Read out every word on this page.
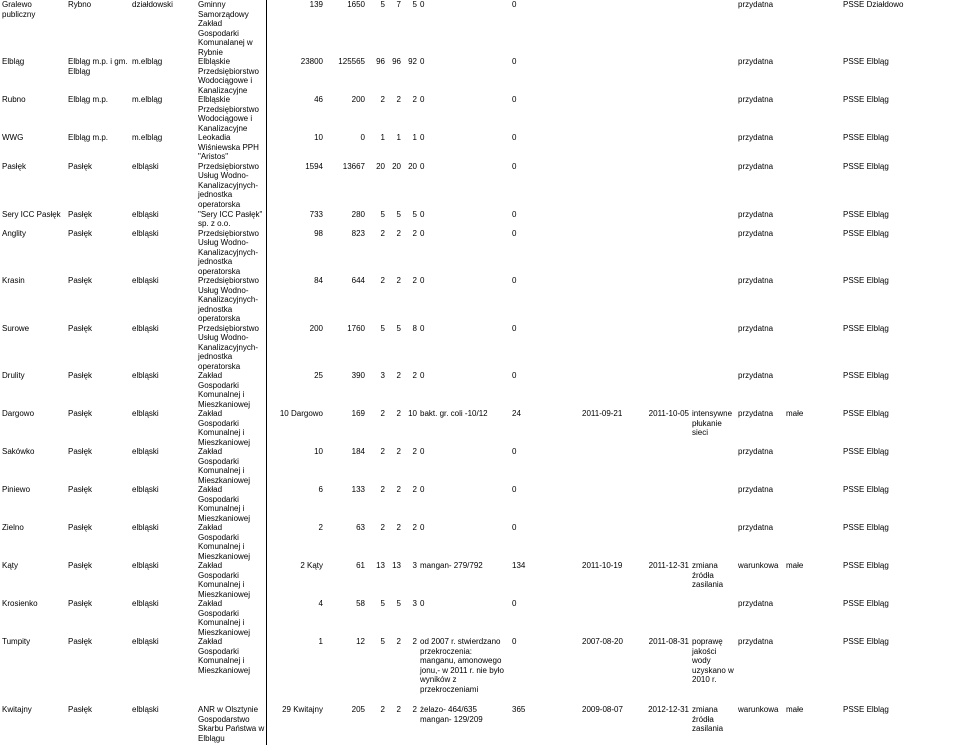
Gralewo publiczny	Rybno	działdowski	Gminny Samorządowy Zakład Gospodarki Komunalanej w Rybnie	139	1650	5	7	5	0	0				przydatna		PSSE Działdowo
Elbląg	Elbląg m.p. i gm. Elbląg	m.elbląg	Elbląskie Przedsiębiorstwo Wodociągowe i Kanalizacyjne	23800	125565	96	96	92	0	0				przydatna		PSSE Elbląg
Rubno	Elbląg m.p.	m.elbląg	Elbląskie Przedsiębiorstwo Wodociągowe i Kanalizacyjne	46	200	2	2	2	0	0				przydatna		PSSE Elbląg
WWG	Elbląg m.p.	m.elbląg	Leokadia Wiśniewska PPH "Aristos"	10	0	1	1	1	0	0				przydatna		PSSE Elbląg
Pasłęk	Pasłęk	elbląski	Przedsiębiorstwo Usług Wodno-Kanalizacyjnych-jednostka operatorska	1594	13667	20	20	20	0	0				przydatna		PSSE Elbląg
Sery ICC Pasłęk	Pasłęk	elbląski	"Sery ICC Pasłęk" sp. z o.o.	733	280	5	5	5	0	0				przydatna		PSSE Elbląg
Anglity	Pasłęk	elbląski	Przedsiębiorstwo Usług Wodno-Kanalizacyjnych-jednostka operatorska	98	823	2	2	2	0	0				przydatna		PSSE Elbląg
Krasin	Pasłęk	elbląski	Przedsiębiorstwo Usług Wodno-Kanalizacyjnych-jednostka operatorska	84	644	2	2	2	0	0				przydatna		PSSE Elbląg
Surowe	Pasłęk	elbląski	Przedsiębiorstwo Usług Wodno-Kanalizacyjnych-jednostka operatorska	200	1760	5	5	8	0	0				przydatna		PSSE Elbląg
Drulity	Pasłęk	elbląski	Zakład Gospodarki Komunalnej i Mieszkaniowej	25	390	3	2	2	0	0				przydatna		PSSE Elbląg
Dargowo	Pasłęk	elbląski	Zakład Gospodarki Komunalnej i Mieszkaniowej	10 Dargowo	169	2	2	10	bakt. gr. coli -10/12	24	2011-09-21	2011-10-05	intensywne płukanie sieci	przydatna	małe	PSSE Elbląg
Sakówko	Pasłęk	elbląski	Zakład Gospodarki Komunalnej i Mieszkaniowej	10	184	2	2	2	0	0				przydatna		PSSE Elbląg
Piniewo	Pasłęk	elbląski	Zakład Gospodarki Komunalnej i Mieszkaniowej	6	133	2	2	2	0	0				przydatna		PSSE Elbląg
Zielno	Pasłęk	elbląski	Zakład Gospodarki Komunalnej i Mieszkaniowej	2	63	2	2	2	0	0				przydatna		PSSE Elbląg
Kąty	Pasłęk	elbląski	Zakład Gospodarki Komunalnej i Mieszkaniowej	2 Kąty	61	13	13	3	mangan- 279/792	134	2011-10-19	2011-12-31	zmiana źródła zasilania	warunkowa	małe	PSSE Elbląg
Krosienko	Pasłęk	elbląski	Zakład Gospodarki Komunalnej i Mieszkaniowej	4	58	5	5	3	0	0				przydatna		PSSE Elbląg
Tumpity	Pasłęk	elbląski	Zakład Gospodarki Komunalnej i Mieszkaniowej	1	12	5	2	2	od 2007 r. stwierdzano przekroczenia: manganu, amonowego jonu,- w 2011 r. nie było wyników z przekroczeniami	0	2007-08-20	2011-08-31	poprawę jakości wody uzyskano w 2010 r.	przydatna		PSSE Elbląg
Kwitajny	Pasłęk	elbląski	ANR w Olsztynie Gospodarstwo Skarbu Państwa w Elblągu	29 Kwitajny	205	2	2	2	żelazo- 464/635 mangan- 129/209	365	2009-08-07	2012-12-31	zmiana źródła zasilania	warunkowa	małe	PSSE Elbląg
